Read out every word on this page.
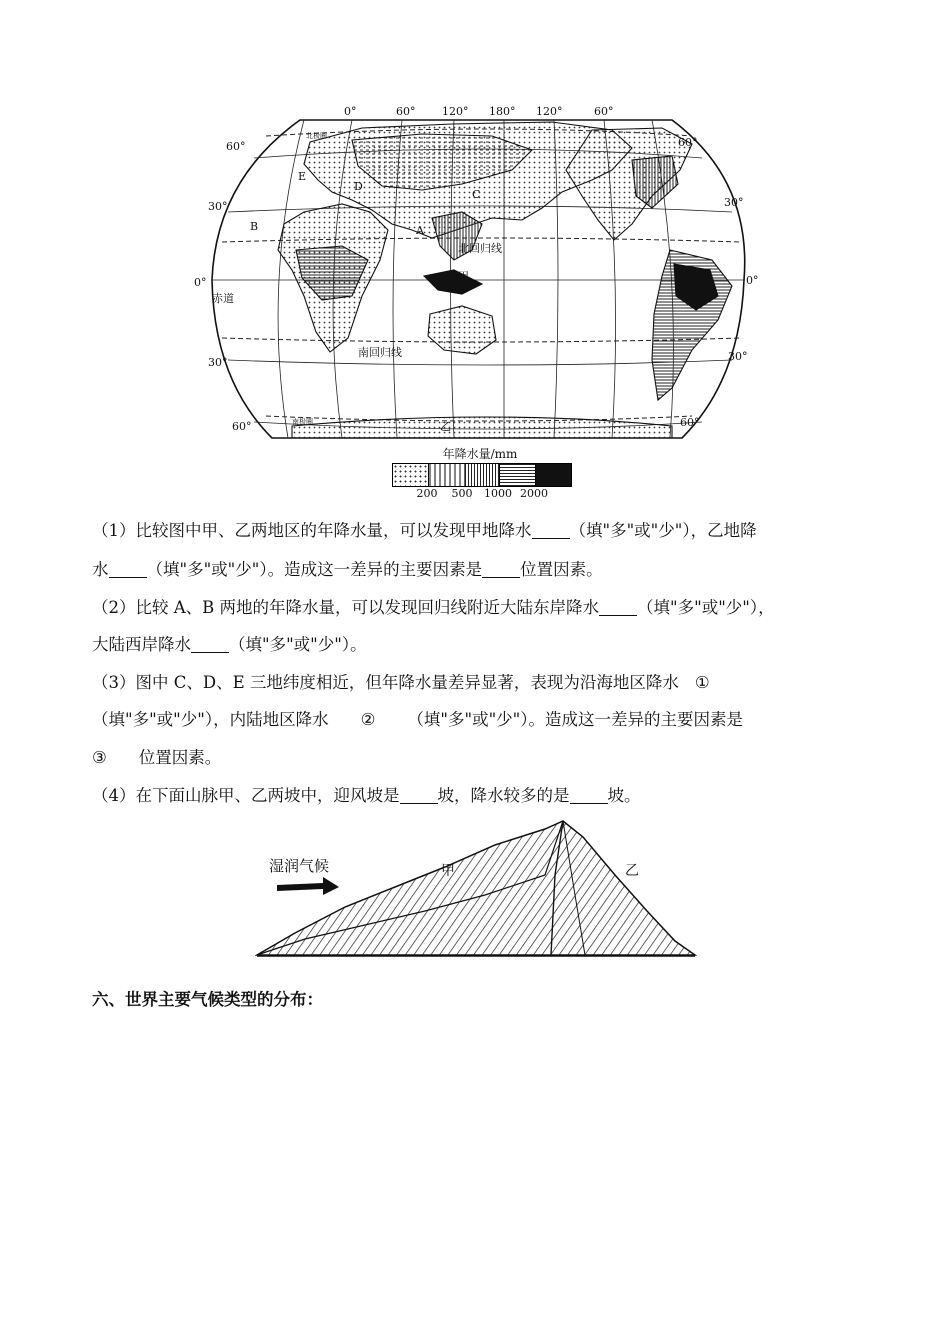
0°	60° 120° 180° 120°	60°
60°
30°
0°
30°
60°
60°
30°
0°
30°
60°
北回归线
赤道
南回归线
甲
乙
北极圈
南极圈
A
B
C
D
E
年降水量/mm
200 500 1000 2000
（1）比较图中甲、乙两地区的年降水量，可以发现甲地降水 （填"多"或"少"），乙地降
水 （填"多"或"少"）。造成这一差异的主要因素是 位置因素。
（2）比较 A、B 两地的年降水量，可以发现回归线附近大陆东岸降水 （填"多"或"少"），
大陆西岸降水 （填"多"或"少"）。
（3）图中 C、D、E 三地纬度相近，但年降水量差异显著，表现为沿海地区降水 ①
（填"多"或"少"），内陆地区降水 ② （填"多"或"少"）。造成这一差异的主要因素是
③ 位置因素。
（4）在下面山脉甲、乙两坡中，迎风坡是 坡，降水较多的是 坡。
湿润气候	甲	乙
六、世界主要气候类型的分布：
